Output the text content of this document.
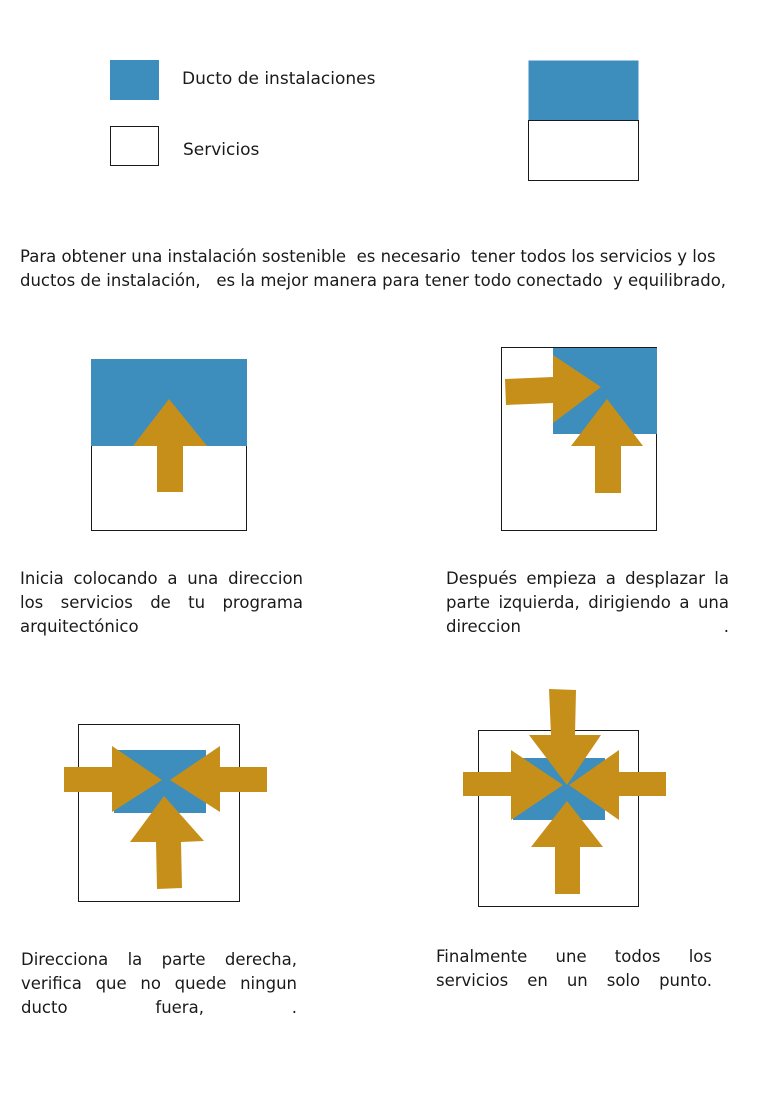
Ducto de instalaciones
Servicios
Para obtener una instalación sostenible  es necesario  tener todos los servicios y los
ductos de instalación,   es la mejor manera para tener todo conectado  y equilibrado,
Inicia colocando a una direccion los servicios de tu programa arquitectónico
Después empieza a desplazar la parte izquierda, dirigiendo a una direccion .
Direcciona la parte derecha, verifica que no quede ningun ducto fuera, .
Finalmente une todos los servicios en un solo punto.
